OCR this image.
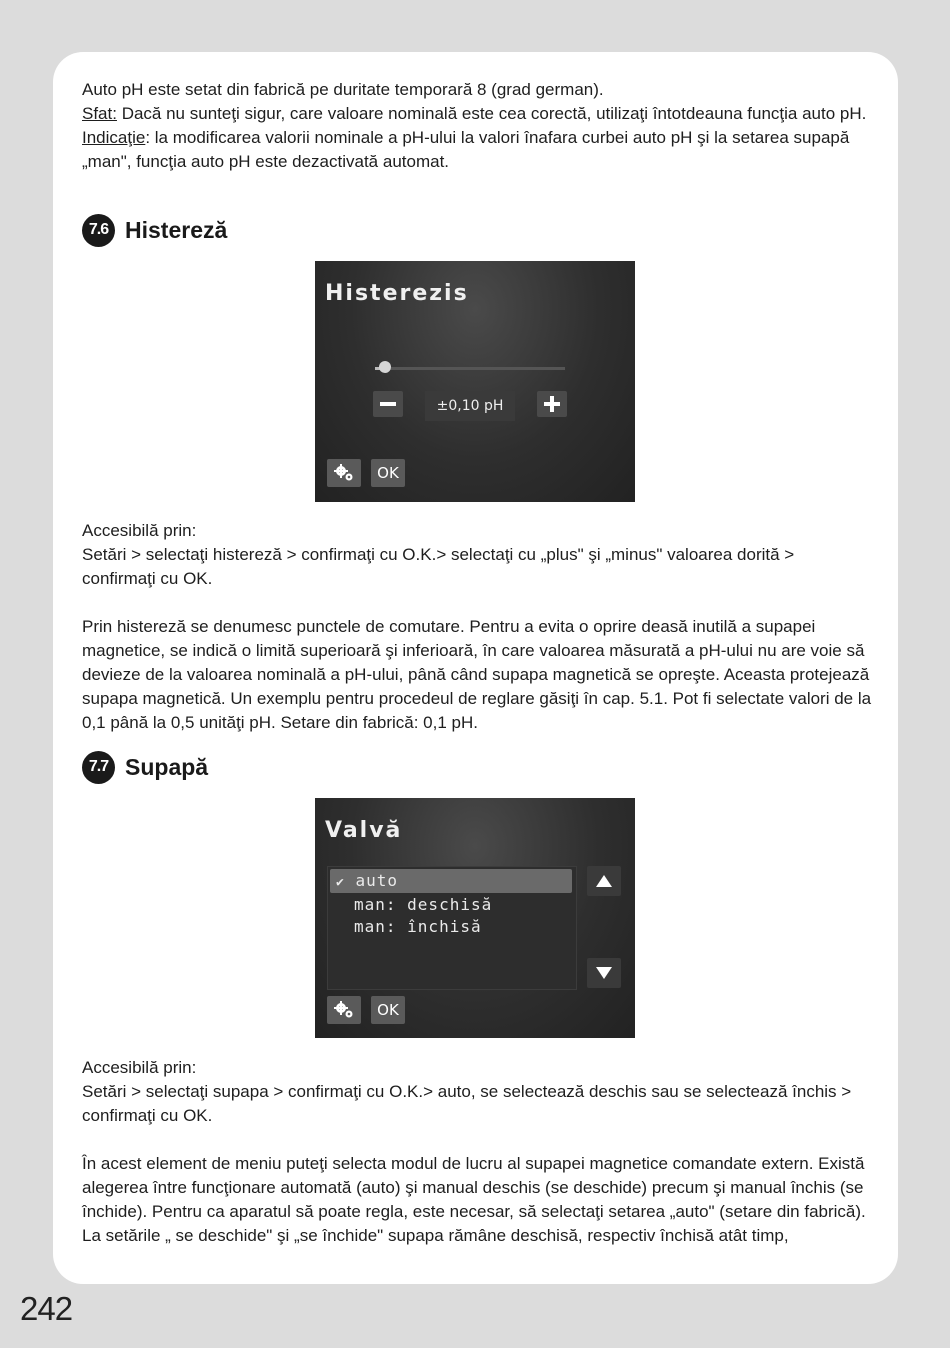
Auto pH este setat din fabrică pe duritate temporară 8 (grad german).
Sfat: Dacă nu sunteţi sigur, care valoare nominală este cea corectă, utilizaţi întotdeauna funcţia auto pH.
Indicaţie: la modificarea valorii nominale a pH-ului la valori înafara curbei auto pH şi la setarea supapă „man", funcţia auto pH este dezactivată automat.

7.6 Histereză
Histerezis
±0,10 pH
OK

Accesibilă prin:
Setări > selectaţi histereză > confirmaţi cu O.K.> selectaţi cu „plus" şi „minus" valoarea dorită > confirmaţi cu OK.

Prin histereză se denumesc punctele de comutare. Pentru a evita o oprire deasă inutilă a supapei magnetice, se indică o limită superioară şi inferioară, în care valoarea măsurată a pH-ului nu are voie să devieze de la valoarea nominală a pH-ului, până când supapa magnetică se opreşte. Aceasta protejează supapa magnetică. Un exemplu pentru procedeul de reglare găsiţi în cap. 5.1. Pot fi selectate valori de la 0,1 până la 0,5 unităţi pH. Setare din fabrică: 0,1 pH.

7.7 Supapă
Valvă
✔ auto
man: deschisă
man: închisă
OK

Accesibilă prin:
Setări > selectaţi supapa > confirmaţi cu O.K.> auto, se selectează deschis sau se selectează închis > confirmaţi cu OK.

În acest element de meniu puteţi selecta modul de lucru al supapei magnetice comandate extern. Există alegerea între funcţionare automată (auto) şi manual deschis (se deschide) precum şi manual închis (se închide). Pentru ca aparatul să poate regla, este necesar, să selectaţi setarea „auto" (setare din fabrică).
La setările „ se deschide" şi „se închide" supapa rămâne deschisă, respectiv închisă atât timp,

242
